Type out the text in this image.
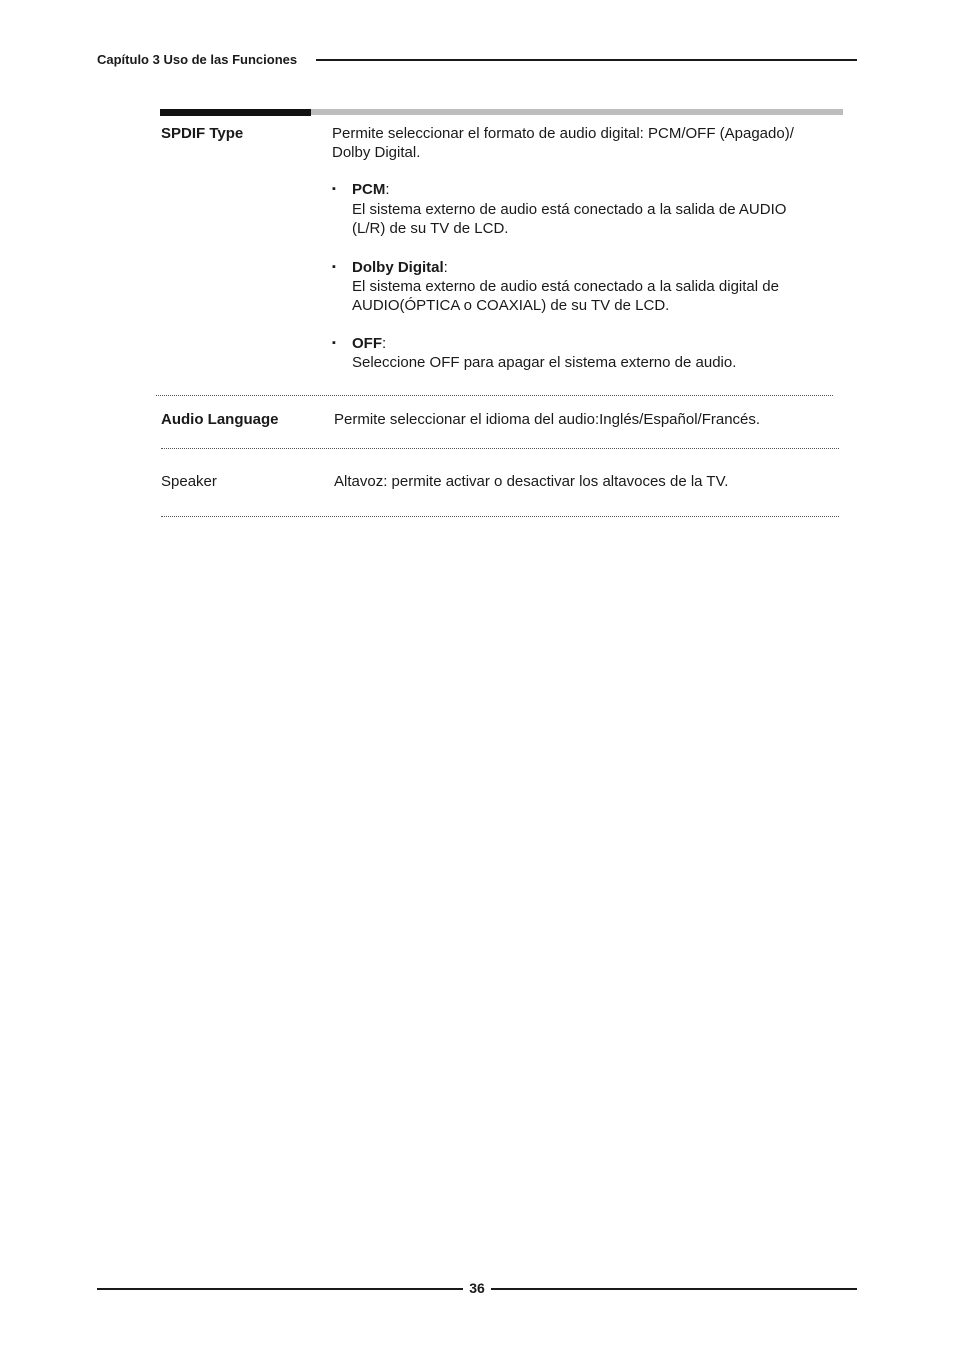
Capítulo 3 Uso de las Funciones
SPDIF Type	Permite seleccionar el formato de audio digital: PCM/OFF (Apagado)/
Dolby Digital.
▪ PCM:
El sistema externo de audio está conectado a la salida de AUDIO
(L/R) de su TV de LCD.
▪ Dolby Digital:
El sistema externo de audio está conectado a la salida digital de
AUDIO(ÓPTICA o COAXIAL) de su TV de LCD.
▪ OFF:
Seleccione OFF para apagar el sistema externo de audio.
Audio Language	Permite seleccionar el idioma del audio:Inglés/Español/Francés.
Speaker	Altavoz: permite activar o desactivar los altavoces de la TV.
36
